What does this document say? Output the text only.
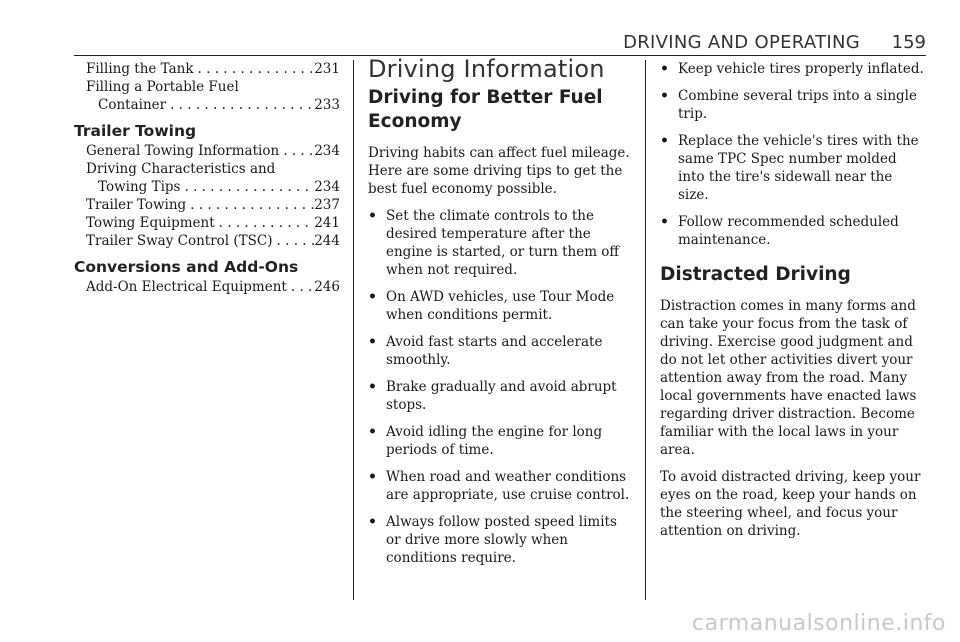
DRIVING AND OPERATING 159
Filling the Tank . . .	231
Filling a Portable Fuel
Container . . .	233
Trailer Towing
General Towing Information . . .	234
Driving Characteristics and
Towing Tips . . .	234
Trailer Towing . . .	237
Towing Equipment . . .	241
Trailer Sway Control (TSC) . . .	244
Conversions and Add-Ons
Add-On Electrical Equipment . . . 246
Driving Information
Driving for Better Fuel Economy

Driving habits can affect fuel mileage. Here are some driving tips to get the best fuel economy possible.

• Set the climate controls to the desired temperature after the engine is started, or turn them off when not required.
• On AWD vehicles, use Tour Mode when conditions permit.
• Avoid fast starts and accelerate smoothly.
• Brake gradually and avoid abrupt stops.
• Avoid idling the engine for long periods of time.
• When road and weather conditions are appropriate, use cruise control.
• Always follow posted speed limits or drive more slowly when conditions require.
• Keep vehicle tires properly inflated.
• Combine several trips into a single trip.
• Replace the vehicle's tires with the same TPC Spec number molded into the tire's sidewall near the size.
• Follow recommended scheduled maintenance.
Distracted Driving

Distraction comes in many forms and can take your focus from the task of driving. Exercise good judgment and do not let other activities divert your attention away from the road. Many local governments have enacted laws regarding driver distraction. Become familiar with the local laws in your area.

To avoid distracted driving, keep your eyes on the road, keep your hands on the steering wheel, and focus your attention on driving.

carmanualsonline.info
